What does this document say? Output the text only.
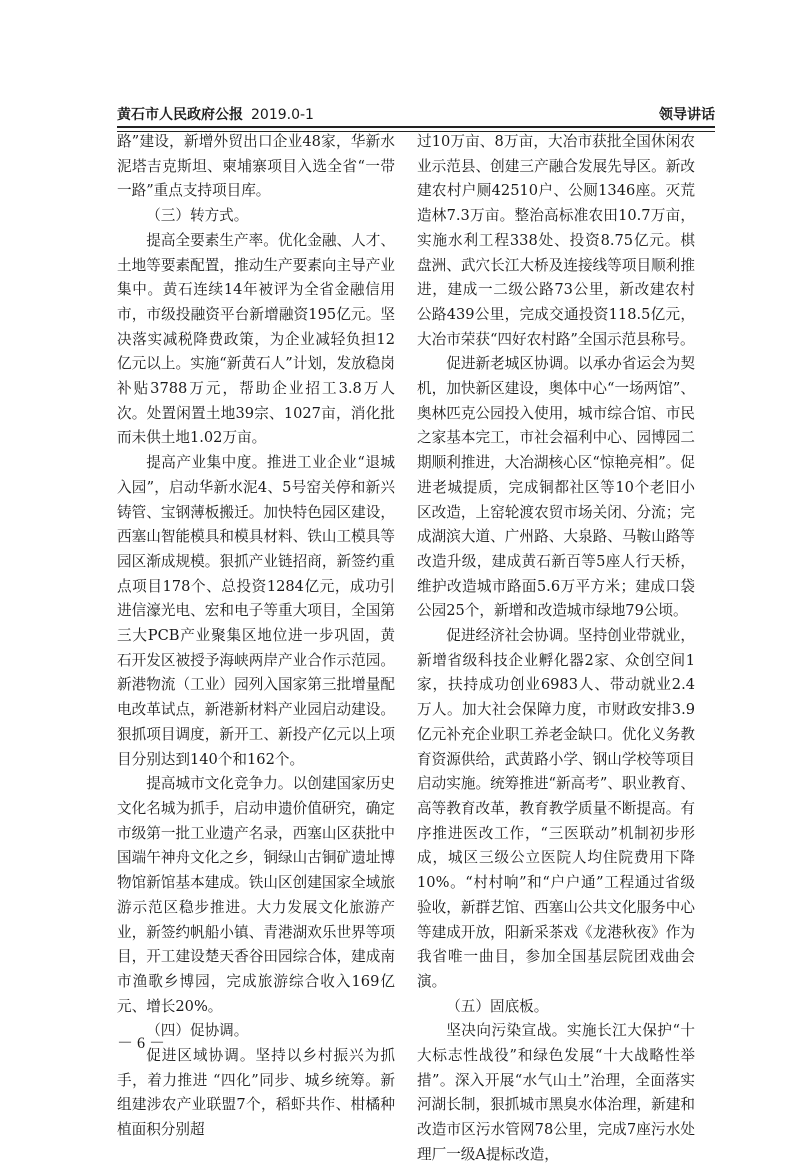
黄石市人民政府公报 2019.0-1	领导讲话

路”建设，新增外贸出口企业48家，华新水泥塔吉克斯坦、柬埔寨项目入选全省“一带一路”重点支持项目库。

（三）转方式。

提高全要素生产率。优化金融、人才、土地等要素配置，推动生产要素向主导产业集中。黄石连续14年被评为全省金融信用市，市级投融资平台新增融资195亿元。坚决落实减税降费政策，为企业减轻负担12亿元以上。实施“新黄石人”计划，发放稳岗补贴3788万元，帮助企业招工3.8万人次。处置闲置土地39宗、1027亩，消化批而未供土地1.02万亩。

提高产业集中度。推进工业企业“退城入园”，启动华新水泥4、5号窑关停和新兴铸管、宝钢薄板搬迁。加快特色园区建设，西塞山智能模具和模具材料、铁山工模具等园区渐成规模。狠抓产业链招商，新签约重点项目178个、总投资1284亿元，成功引进信濠光电、宏和电子等重大项目，全国第三大PCB产业聚集区地位进一步巩固，黄石开发区被授予海峡两岸产业合作示范园。新港物流（工业）园列入国家第三批增量配电改革试点，新港新材料产业园启动建设。狠抓项目调度，新开工、新投产亿元以上项目分别达到140个和162个。

提高城市文化竞争力。以创建国家历史文化名城为抓手，启动申遗价值研究，确定市级第一批工业遗产名录，西塞山区获批中国端午神舟文化之乡，铜绿山古铜矿遗址博物馆新馆基本建成。铁山区创建国家全域旅游示范区稳步推进。大力发展文化旅游产业，新签约帆船小镇、青港湖欢乐世界等项目，开工建设楚天香谷田园综合体，建成南市渔歌乡博园，完成旅游综合收入169亿元、增长20%。

（四）促协调。

促进区域协调。坚持以乡村振兴为抓手，着力推进 “四化”同步、城乡统筹。新组建涉农产业联盟7个，稻虾共作、柑橘种植面积分别超

过10万亩、8万亩，大冶市获批全国休闲农业示范县、创建三产融合发展先导区。新改建农村户厕42510户、公厕1346座。灭荒造林7.3万亩。整治高标准农田10.7万亩，实施水利工程338处、投资8.75亿元。棋盘洲、武穴长江大桥及连接线等项目顺利推进，建成一二级公路73公里，新改建农村公路439公里，完成交通投资118.5亿元，大冶市荣获“四好农村路”全国示范县称号。

促进新老城区协调。以承办省运会为契机，加快新区建设，奥体中心“一场两馆”、奥林匹克公园投入使用，城市综合馆、市民之家基本完工，市社会福利中心、园博园二期顺利推进，大冶湖核心区“惊艳亮相”。促进老城提质，完成铜都社区等10个老旧小区改造，上窑轮渡农贸市场关闭、分流；完成湖滨大道、广州路、大泉路、马鞍山路等改造升级，建成黄石新百等5座人行天桥，维护改造城市路面5.6万平方米；建成口袋公园25个，新增和改造城市绿地79公顷。

促进经济社会协调。坚持创业带就业，新增省级科技企业孵化器2家、众创空间1家，扶持成功创业6983人、带动就业2.4万人。加大社会保障力度，市财政安排3.9亿元补充企业职工养老金缺口。优化义务教育资源供给，武黄路小学、钢山学校等项目启动实施。统筹推进“新高考”、职业教育、高等教育改革，教育教学质量不断提高。有序推进医改工作，“三医联动”机制初步形成，城区三级公立医院人均住院费用下降10%。“村村响”和“户户通”工程通过省级验收，新群艺馆、西塞山公共文化服务中心等建成开放，阳新采茶戏《龙港秋夜》作为我省唯一曲目，参加全国基层院团戏曲会演。

（五）固底板。

坚决向污染宣战。实施长江大保护“十大标志性战役”和绿色发展“十大战略性举措”。深入开展“水气山土”治理，全面落实河湖长制，狠抓城市黑臭水体治理，新建和改造市区污水管网78公里，完成7座污水处理厂一级A提标改造，

－ 6 －
